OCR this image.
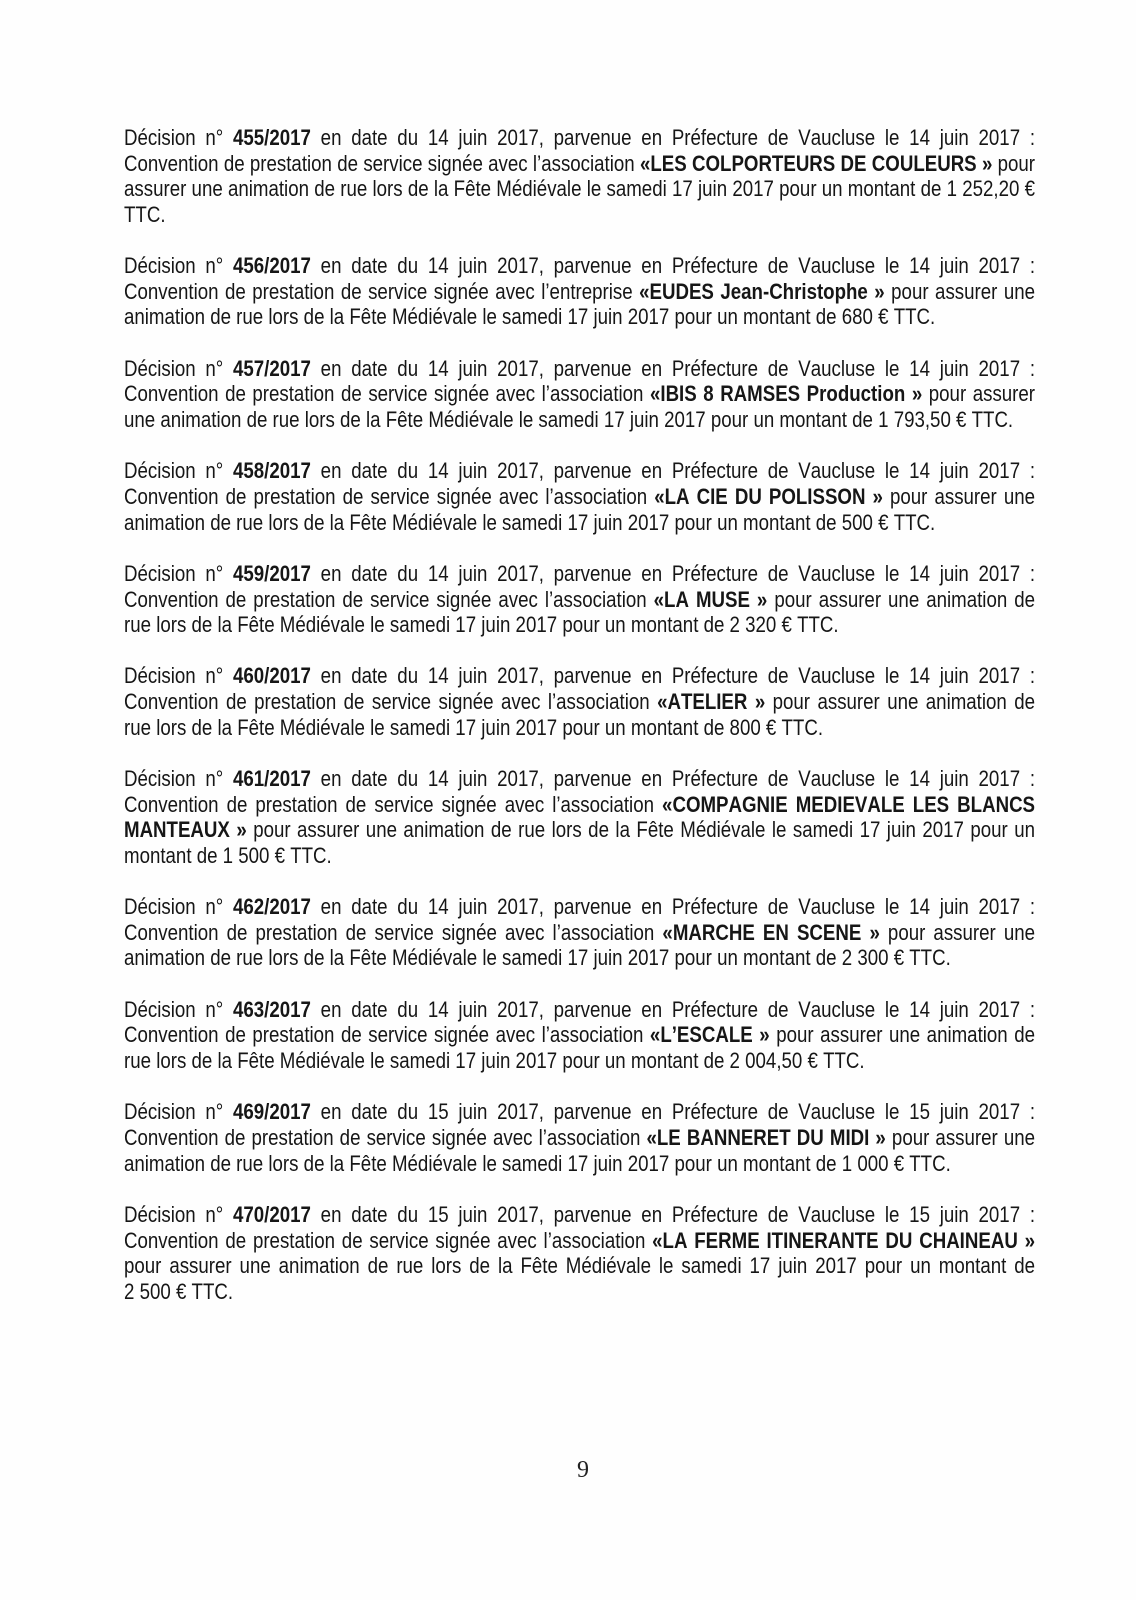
Décision n° 455/2017 en date du 14 juin 2017, parvenue en Préfecture de Vaucluse le 14 juin 2017 : Convention de prestation de service signée avec l’association «LES COLPORTEURS DE COULEURS » pour assurer une animation de rue lors de la Fête Médiévale le samedi 17 juin 2017 pour un montant de 1 252,20 € TTC.

Décision n° 456/2017 en date du 14 juin 2017, parvenue en Préfecture de Vaucluse le 14 juin 2017 : Convention de prestation de service signée avec l’entreprise «EUDES Jean-Christophe » pour assurer une animation de rue lors de la Fête Médiévale le samedi 17 juin 2017 pour un montant de 680 € TTC.

Décision n° 457/2017 en date du 14 juin 2017, parvenue en Préfecture de Vaucluse le 14 juin 2017 : Convention de prestation de service signée avec l’association «IBIS 8 RAMSES Production » pour assurer une animation de rue lors de la Fête Médiévale le samedi 17 juin 2017 pour un montant de 1 793,50 € TTC.

Décision n° 458/2017 en date du 14 juin 2017, parvenue en Préfecture de Vaucluse le 14 juin 2017 : Convention de prestation de service signée avec l’association «LA CIE DU POLISSON » pour assurer une animation de rue lors de la Fête Médiévale le samedi 17 juin 2017 pour un montant de 500 € TTC.

Décision n° 459/2017 en date du 14 juin 2017, parvenue en Préfecture de Vaucluse le 14 juin 2017 : Convention de prestation de service signée avec l’association «LA MUSE » pour assurer une animation de rue lors de la Fête Médiévale le samedi 17 juin 2017 pour un montant de 2 320 € TTC.

Décision n° 460/2017 en date du 14 juin 2017, parvenue en Préfecture de Vaucluse le 14 juin 2017 : Convention de prestation de service signée avec l’association «ATELIER » pour assurer une animation de rue lors de la Fête Médiévale le samedi 17 juin 2017 pour un montant de 800 € TTC.

Décision n° 461/2017 en date du 14 juin 2017, parvenue en Préfecture de Vaucluse le 14 juin 2017 : Convention de prestation de service signée avec l’association «COMPAGNIE MEDIEVALE LES BLANCS MANTEAUX » pour assurer une animation de rue lors de la Fête Médiévale le samedi 17 juin 2017 pour un montant de 1 500 € TTC.

Décision n° 462/2017 en date du 14 juin 2017, parvenue en Préfecture de Vaucluse le 14 juin 2017 : Convention de prestation de service signée avec l’association «MARCHE EN SCENE » pour assurer une animation de rue lors de la Fête Médiévale le samedi 17 juin 2017 pour un montant de 2 300 € TTC.

Décision n° 463/2017 en date du 14 juin 2017, parvenue en Préfecture de Vaucluse le 14 juin 2017 : Convention de prestation de service signée avec l’association «L’ESCALE » pour assurer une animation de rue lors de la Fête Médiévale le samedi 17 juin 2017 pour un montant de 2 004,50 € TTC.

Décision n° 469/2017 en date du 15 juin 2017, parvenue en Préfecture de Vaucluse le 15 juin 2017 : Convention de prestation de service signée avec l’association «LE BANNERET DU MIDI » pour assurer une animation de rue lors de la Fête Médiévale le samedi 17 juin 2017 pour un montant de 1 000 € TTC.

Décision n° 470/2017 en date du 15 juin 2017, parvenue en Préfecture de Vaucluse le 15 juin 2017 : Convention de prestation de service signée avec l’association «LA FERME ITINERANTE DU CHAINEAU » pour assurer une animation de rue lors de la Fête Médiévale le samedi 17 juin 2017 pour un montant de 2 500 € TTC.

9
